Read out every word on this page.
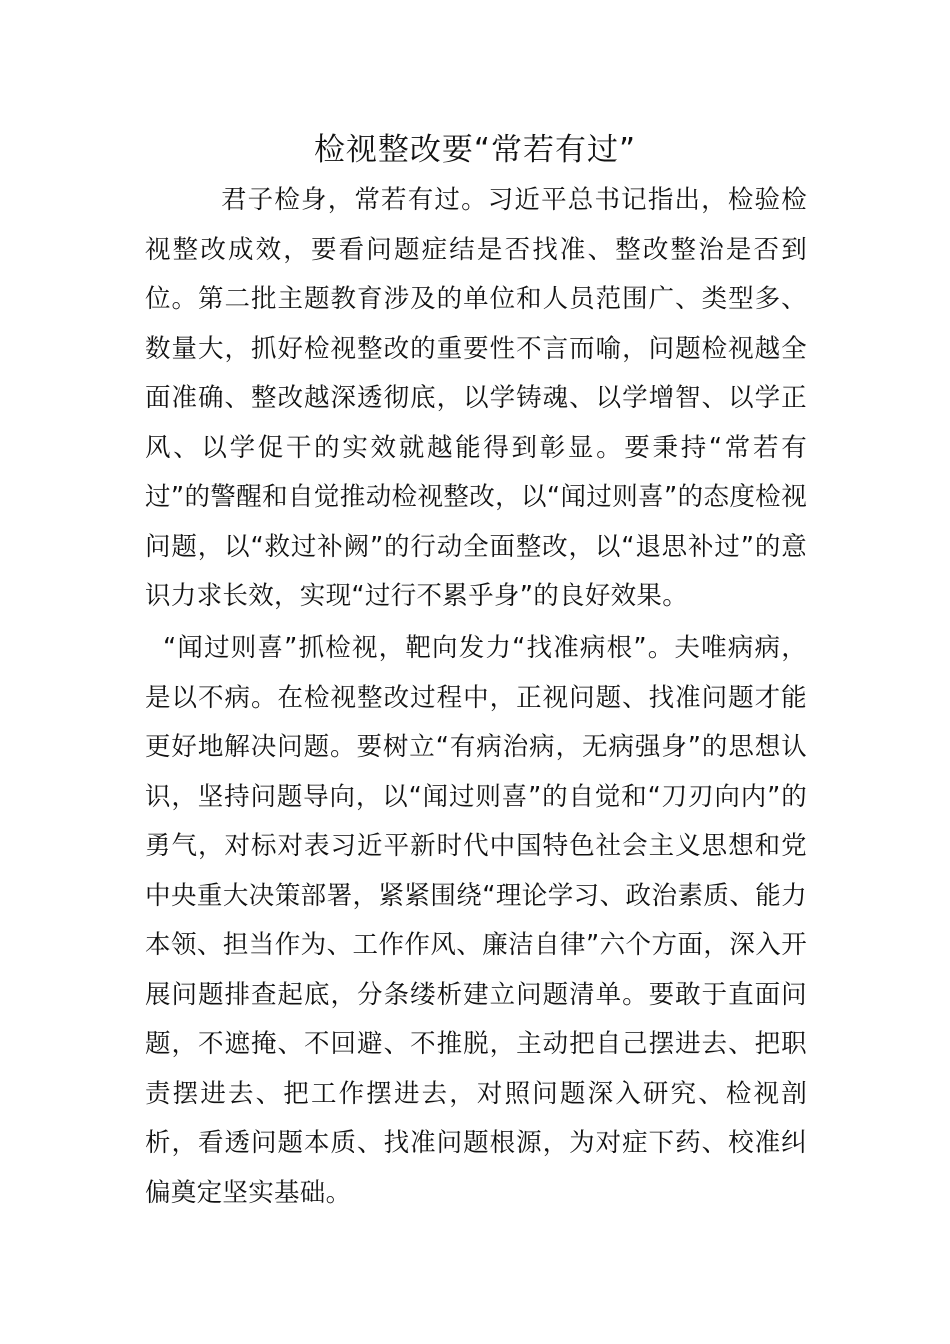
检视整改要“常若有过”

君子检身，常若有过。习近平总书记指出，检验检视整改成效，要看问题症结是否找准、整改整治是否到位。第二批主题教育涉及的单位和人员范围广、类型多、数量大，抓好检视整改的重要性不言而喻，问题检视越全面准确、整改越深透彻底，以学铸魂、以学增智、以学正风、以学促干的实效就越能得到彰显。要秉持“常若有过”的警醒和自觉推动检视整改，以“闻过则喜”的态度检视问题，以“救过补阙”的行动全面整改，以“退思补过”的意识力求长效，实现“过行不累乎身”的良好效果。

“闻过则喜”抓检视，靶向发力“找准病根”。夫唯病病，是以不病。在检视整改过程中，正视问题、找准问题才能更好地解决问题。要树立“有病治病，无病强身”的思想认识，坚持问题导向，以“闻过则喜”的自觉和“刀刃向内”的勇气，对标对表习近平新时代中国特色社会主义思想和党中央重大决策部署，紧紧围绕“理论学习、政治素质、能力本领、担当作为、工作作风、廉洁自律”六个方面，深入开展问题排查起底，分条缕析建立问题清单。要敢于直面问题，不遮掩、不回避、不推脱，主动把自己摆进去、把职责摆进去、把工作摆进去，对照问题深入研究、检视剖析，看透问题本质、找准问题根源，为对症下药、校准纠偏奠定坚实基础。
